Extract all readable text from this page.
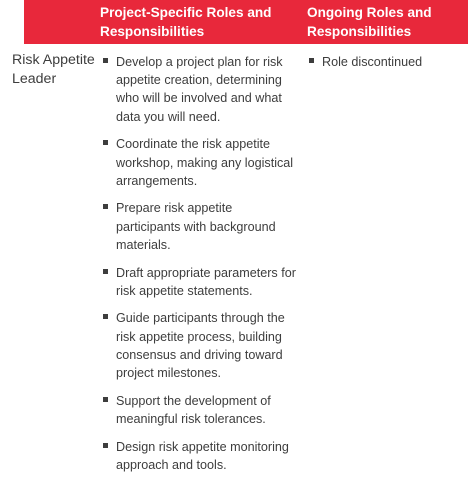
Project-Specific Roles and Responsibilities
Ongoing Roles and Responsibilities
Risk Appetite Leader
Develop a project plan for risk appetite creation, determining who will be involved and what data you will need.
Coordinate the risk appetite workshop, making any logistical arrangements.
Prepare risk appetite participants with background materials.
Draft appropriate parameters for risk appetite statements.
Guide participants through the risk appetite process, building consensus and driving toward project milestones.
Support the development of meaningful risk tolerances.
Design risk appetite monitoring approach and tools.
Role discontinued
